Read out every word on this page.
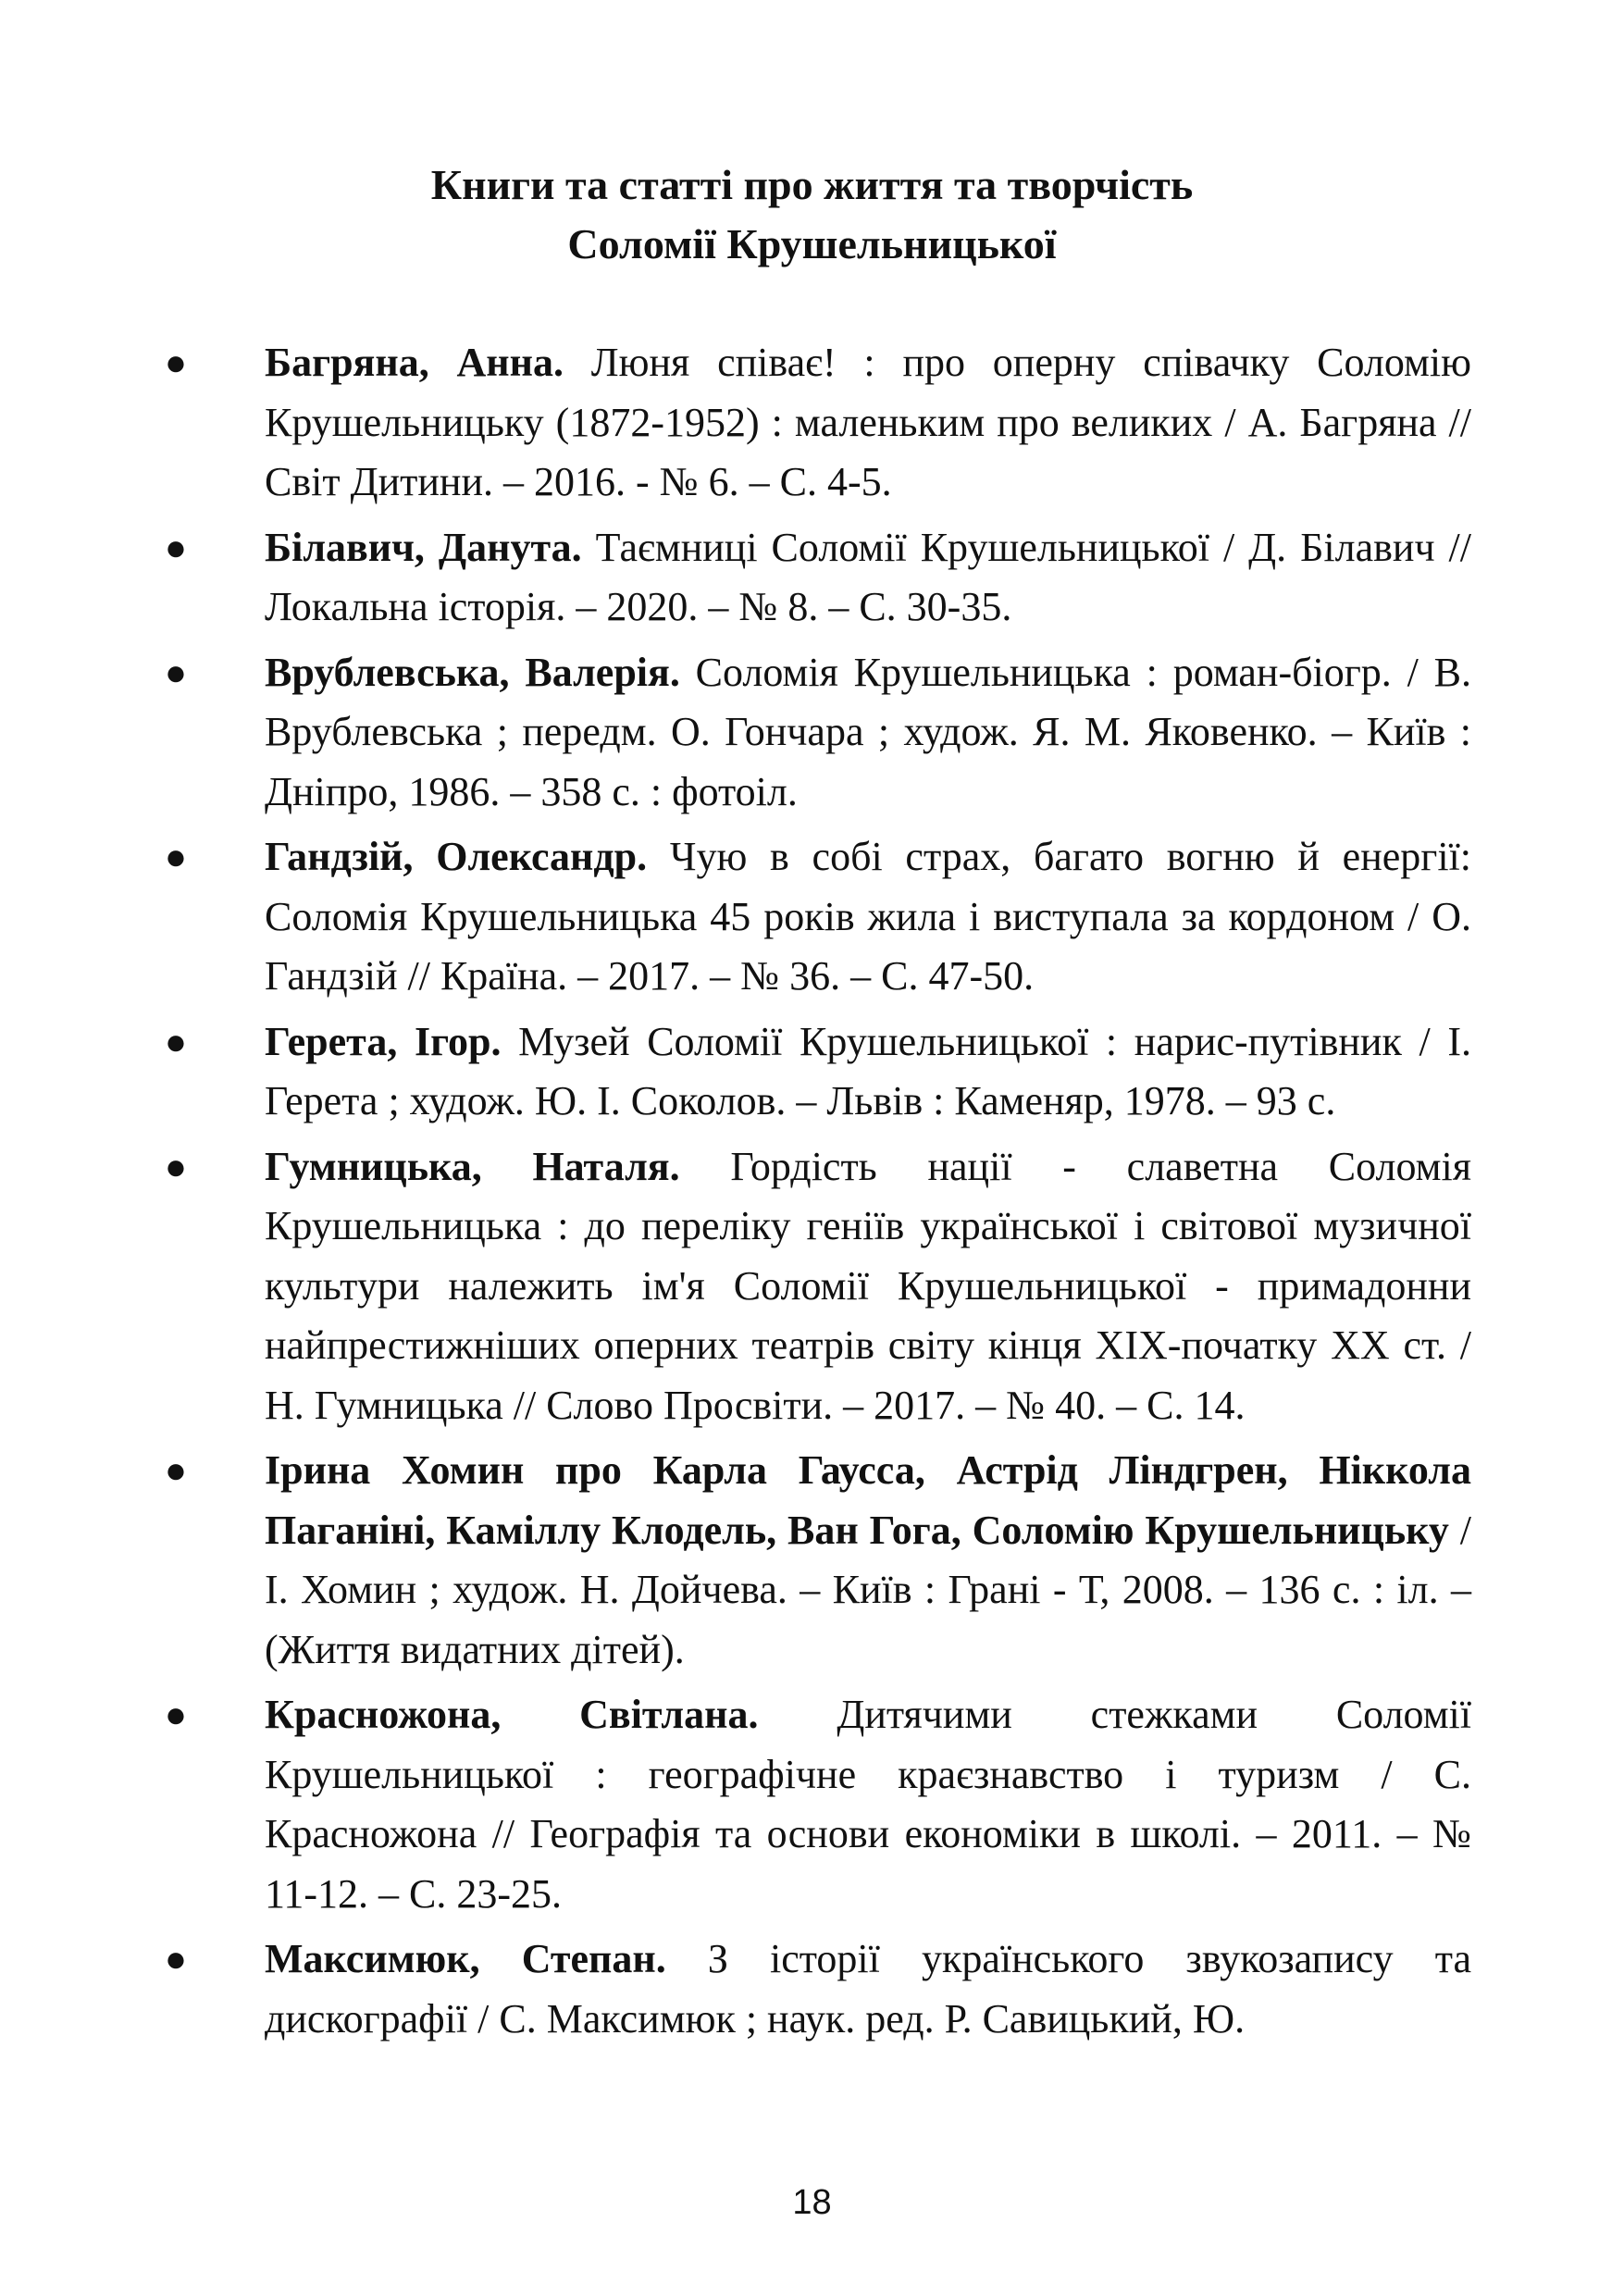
Книги та статті про життя та творчість
Соломії Крушельницької
● Багряна, Анна. Люня співає! : про оперну співачку Соломію Крушельницьку (1872-1952) : маленьким про великих / А. Багряна // Світ Дитини. – 2016. - № 6. – С. 4-5.
● Білавич, Данута. Таємниці Соломії Крушельницької / Д. Білавич // Локальна історія. – 2020. – № 8. – С. 30-35.
● Врублевська, Валерія. Соломія Крушельницька : роман-біогр. / В. Врублевська ; передм. О. Гончара ; худож. Я. М. Яковенко. – Київ : Дніпро, 1986. – 358 с. : фотоіл.
● Гандзій, Олександр. Чую в собі страх, багато вогню й енергії: Соломія Крушельницька 45 років жила і виступала за кордоном / О. Гандзій // Країна. – 2017. – № 36. – С. 47-50.
● Герета, Ігор. Музей Соломії Крушельницької : нарис-путівник / І. Герета ; худож. Ю. І. Соколов. – Львів : Каменяр, 1978. – 93 с.
● Гумницька, Наталя. Гордість нації - славетна Соломія Крушельницька : до переліку геніїв української і світової музичної культури належить ім'я Соломії Крушельницької - примадонни найпрестижніших оперних театрів світу кінця XIX-початку XX ст. / Н. Гумницька // Слово Просвіти. – 2017. – № 40. – С. 14.
● Ірина Хомин про Карла Гаусса, Астрід Ліндгрен, Ніккола Паганіні, Каміллу Клодель, Ван Гога, Соломію Крушельницьку / І. Хомин ; худож. Н. Дойчева. – Київ : Грані - Т, 2008. – 136 с. : іл. – (Життя видатних дітей).
● Красножона, Світлана. Дитячими стежками Соломії Крушельницької : географічне краєзнавство і туризм / С. Красножона // Географія та основи економіки в школі. – 2011. – № 11-12. – С. 23-25.
● Максимюк, Степан. З історії українського звукозапису та дискографії / С. Максимюк ; наук. ред. Р. Савицький, Ю.
18
